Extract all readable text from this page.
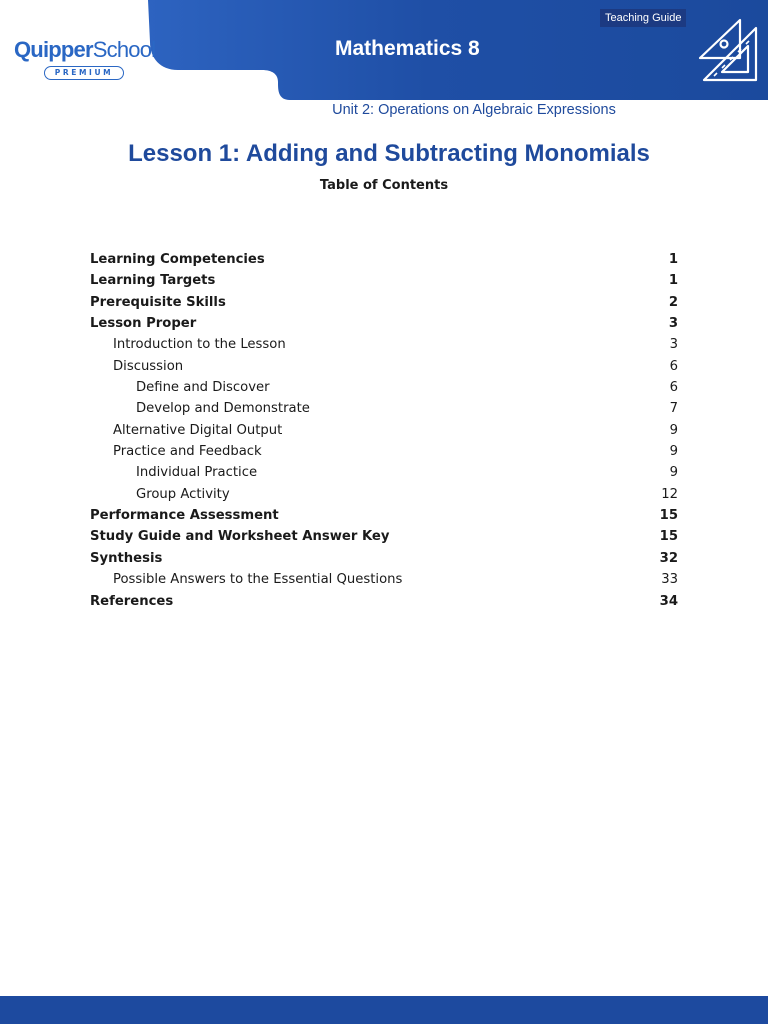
QuipperSchool
PREMIUM
Mathematics 8
Teaching Guide
Unit 2: Operations on Algebraic Expressions
Lesson 1: Adding and Subtracting Monomials
Table of Contents
Learning Competencies	1
Learning Targets	1
Prerequisite Skills	2
Lesson Proper	3
Introduction to the Lesson	3
Discussion	6
Define and Discover	6
Develop and Demonstrate	7
Alternative Digital Output	9
Practice and Feedback	9
Individual Practice	9
Group Activity	12
Performance Assessment	15
Study Guide and Worksheet Answer Key	15
Synthesis	32
Possible Answers to the Essential Questions	33
References	34
